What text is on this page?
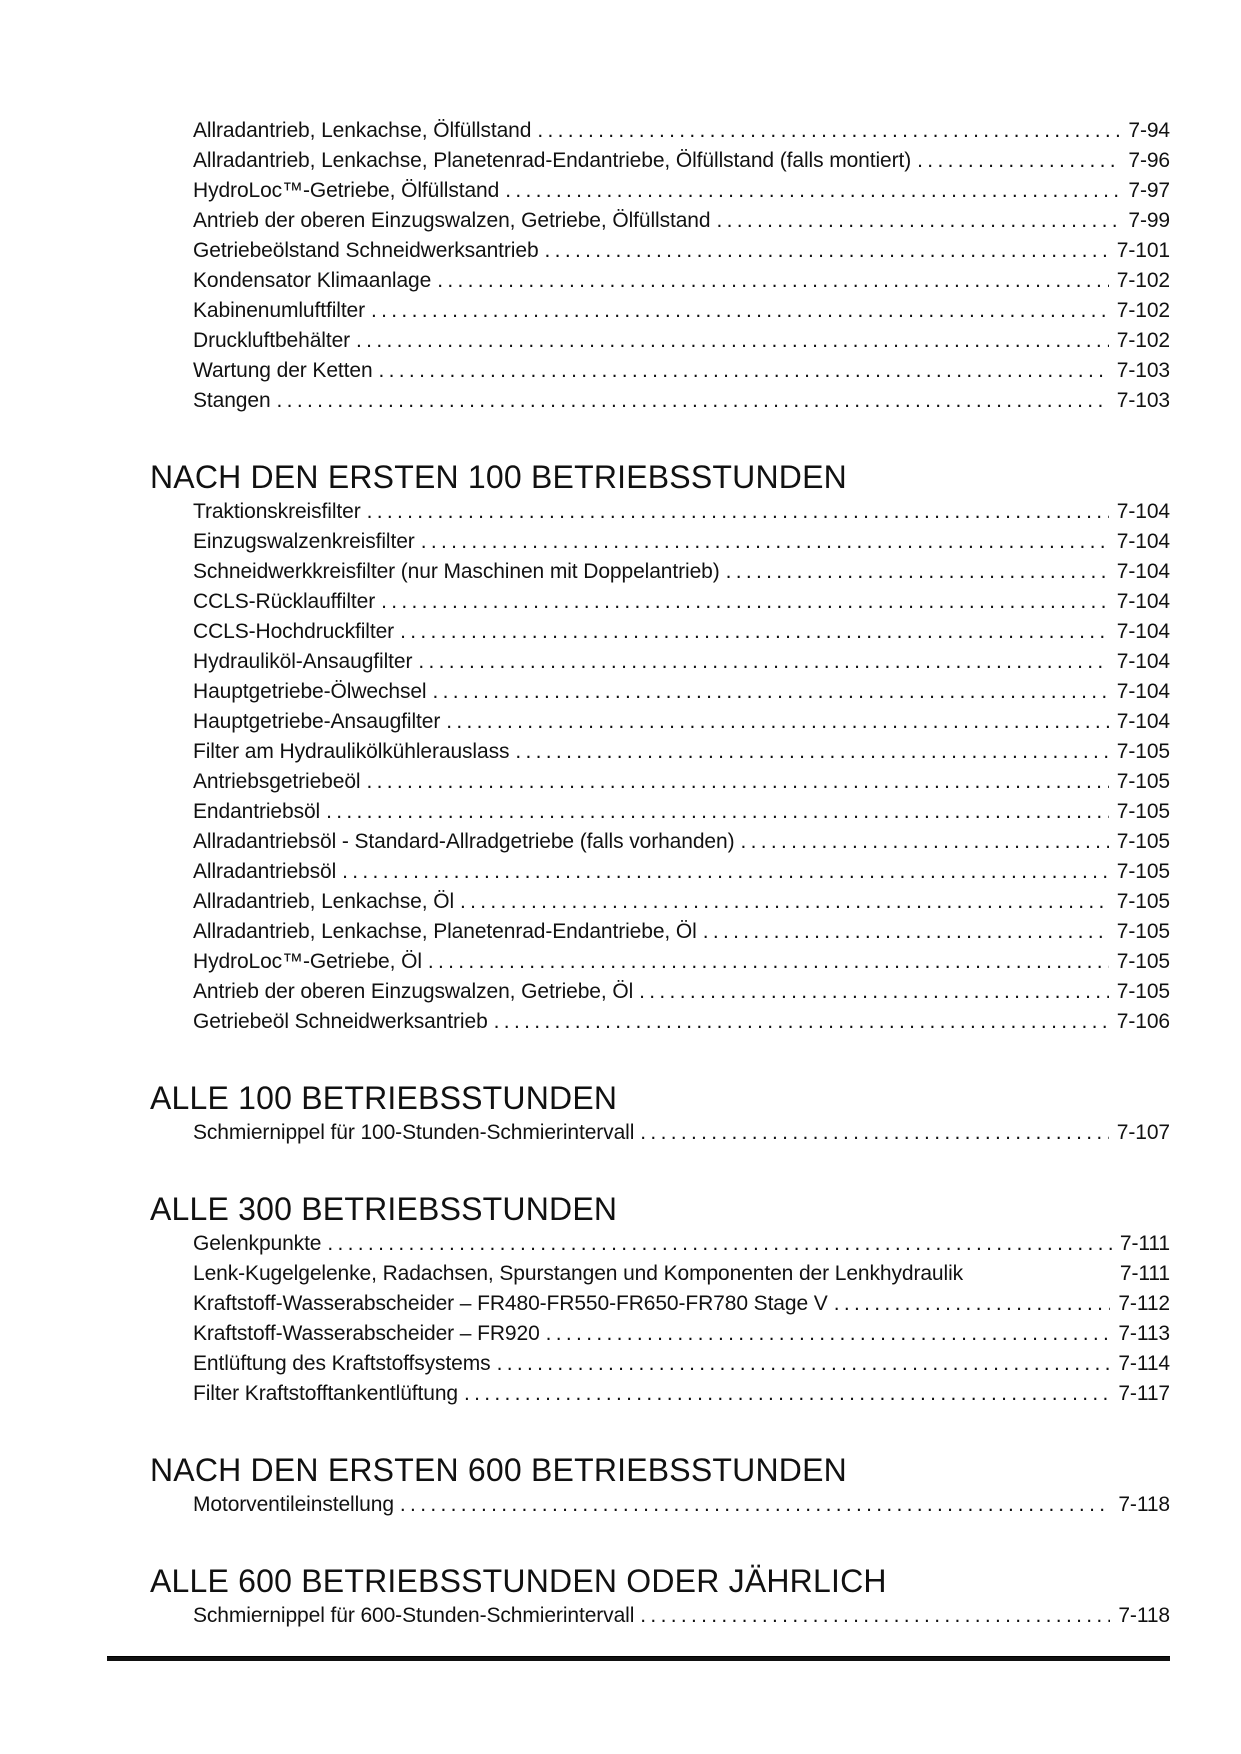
Allradantrieb, Lenkachse, Ölfüllstand .....	7-94
Allradantrieb, Lenkachse, Planetenrad-Endantriebe, Ölfüllstand (falls montiert) .....	7-96
HydroLoc™-Getriebe, Ölfüllstand .....	7-97
Antrieb der oberen Einzugswalzen, Getriebe, Ölfüllstand .....	7-99
Getriebeölstand Schneidwerksantrieb .....	7-101
Kondensator Klimaanlage .....	7-102
Kabinenumluftfilter .....	7-102
Druckluftbehälter .....	7-102
Wartung der Ketten .....	7-103
Stangen .....	7-103
NACH DEN ERSTEN 100 BETRIEBSSTUNDEN
Traktionskreisfilter .....	7-104
Einzugswalzenkreisfilter .....	7-104
Schneidwerkkreisfilter (nur Maschinen mit Doppelantrieb) .....	7-104
CCLS-Rücklauffilter .....	7-104
CCLS-Hochdruckfilter .....	7-104
Hydrauliköl-Ansaugfilter .....	7-104
Hauptgetriebe-Ölwechsel .....	7-104
Hauptgetriebe-Ansaugfilter .....	7-104
Filter am Hydraulikölkühlerauslass .....	7-105
Antriebsgetriebeöl .....	7-105
Endantriebsöl .....	7-105
Allradantriebsöl - Standard-Allradgetriebe (falls vorhanden) .....	7-105
Allradantriebsöl .....	7-105
Allradantrieb, Lenkachse, Öl .....	7-105
Allradantrieb, Lenkachse, Planetenrad-Endantriebe, Öl .....	7-105
HydroLoc™-Getriebe, Öl .....	7-105
Antrieb der oberen Einzugswalzen, Getriebe, Öl .....	7-105
Getriebeöl Schneidwerksantrieb .....	7-106
ALLE 100 BETRIEBSSTUNDEN
Schmiernippel für 100-Stunden-Schmierintervall .....	7-107
ALLE 300 BETRIEBSSTUNDEN
Gelenkpunkte .....	7-111
Lenk-Kugelgelenke, Radachsen, Spurstangen und Komponenten der Lenkhydraulik	7-111
Kraftstoff-Wasserabscheider – FR480-FR550-FR650-FR780 Stage V .....	7-112
Kraftstoff-Wasserabscheider – FR920 .....	7-113
Entlüftung des Kraftstoffsystems .....	7-114
Filter Kraftstofftankentlüftung .....	7-117
NACH DEN ERSTEN 600 BETRIEBSSTUNDEN
Motorventileinstellung .....	7-118
ALLE 600 BETRIEBSSTUNDEN ODER JÄHRLICH
Schmiernippel für 600-Stunden-Schmierintervall .....	7-118
